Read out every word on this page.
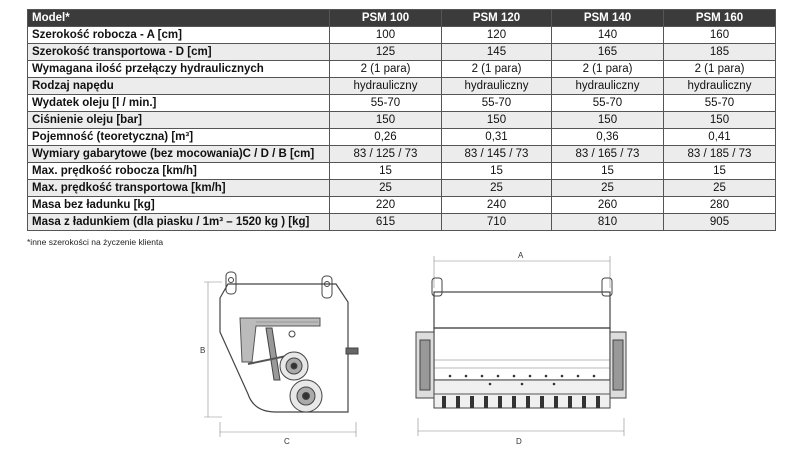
Model*	PSM 100	PSM 120	PSM 140	PSM 160
Szerokość robocza - A [cm]	100	120	140	160
Szerokość transportowa - D [cm]	125	145	165	185
Wymagana ilość przełączy hydraulicznych	2 (1 para)	2 (1 para)	2 (1 para)	2 (1 para)
Rodzaj napędu	hydrauliczny	hydrauliczny	hydrauliczny	hydrauliczny
Wydatek oleju [l / min.]	55-70	55-70	55-70	55-70
Ciśnienie oleju [bar]	150	150	150	150
Pojemność (teoretyczna) [m³]	0,26	0,31	0,36	0,41
Wymiary gabarytowe (bez mocowania)C / D / B [cm]	83 / 125 / 73	83 / 145 / 73	83 / 165 / 73	83 / 185 / 73
Max. prędkość robocza [km/h]	15	15	15	15
Max. prędkość transportowa [km/h]	25	25	25	25
Masa bez ładunku [kg]	220	240	260	280
Masa z ładunkiem (dla piasku / 1m³ – 1520 kg ) [kg]	615	710	810	905
*inne szerokości na życzenie klienta
B
C
A
D
